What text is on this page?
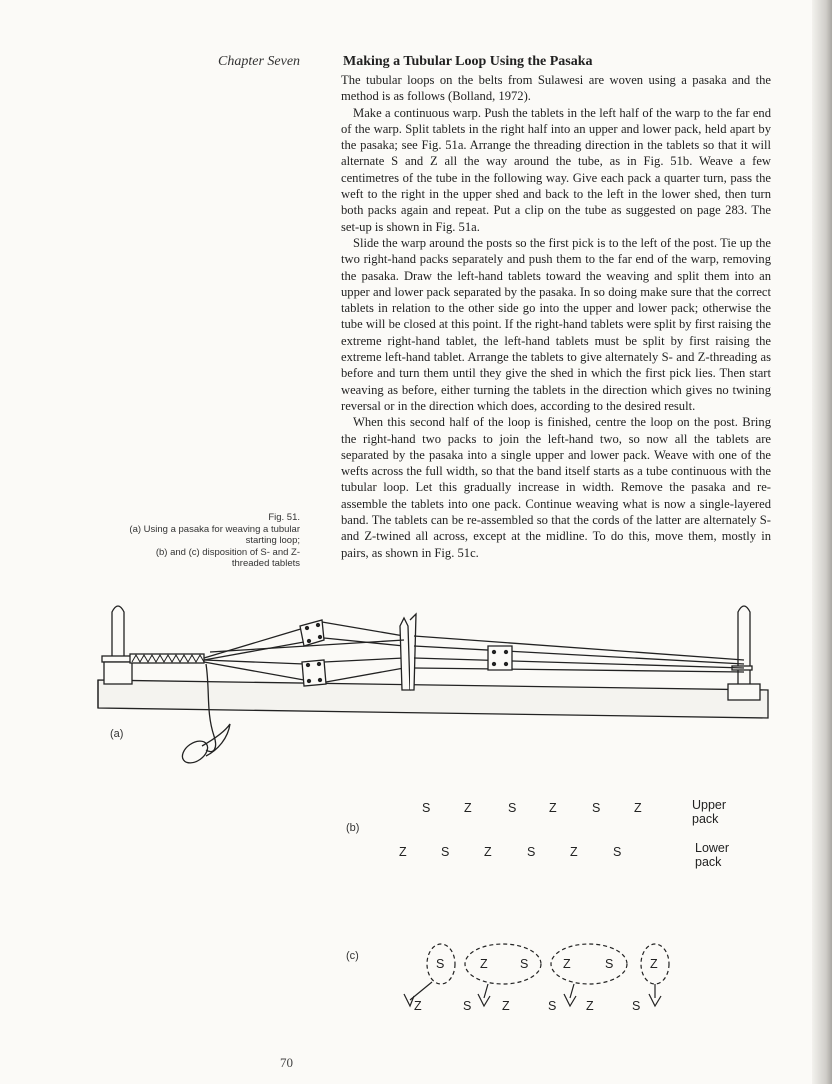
Chapter Seven	Making a Tubular Loop Using the Pasaka

The tubular loops on the belts from Sulawesi are woven using a pasaka and the method is as follows (Bolland, 1972).

Make a continuous warp. Push the tablets in the left half of the warp to the far end of the warp. Split tablets in the right half into an upper and lower pack, held apart by the pasaka; see Fig. 51a. Arrange the threading direction in the tablets so that it will alternate S and Z all the way around the tube, as in Fig. 51b. Weave a few centimetres of the tube in the following way. Give each pack a quarter turn, pass the weft to the right in the upper shed and back to the left in the lower shed, then turn both packs again and repeat. Put a clip on the tube as suggested on page 283. The set-up is shown in Fig. 51a.

Slide the warp around the posts so the first pick is to the left of the post. Tie up the two right-hand packs separately and push them to the far end of the warp, removing the pasaka. Draw the left-hand tablets toward the weaving and split them into an upper and lower pack separated by the pasaka. In so doing make sure that the correct tablets in relation to the other side go into the upper and lower pack; otherwise the tube will be closed at this point. If the right-hand tablets were split by first raising the extreme right-hand tablet, the left-hand tablets must be split by first raising the extreme left-hand tablet. Arrange the tablets to give alternately S- and Z-threading as before and turn them until they give the shed in which the first pick lies. Then start weaving as before, either turning the tablets in the direction which gives no twining reversal or in the direction which does, according to the desired result.

When this second half of the loop is finished, centre the loop on the post. Bring the right-hand two packs to join the left-hand two, so now all the tablets are separated by the pasaka into a single upper and lower pack. Weave with one of the wefts across the full width, so that the band itself starts as a tube continuous with the tubular loop. Let this gradually increase in width. Remove the pasaka and re-assemble the tablets into one pack. Continue weaving what is now a single-layered band. The tablets can be re-assembled so that the cords of the latter are alternately S- and Z-twined all across, except at the midline. To do this, move them, mostly in pairs, as shown in Fig. 51c.

Fig. 51.
(a) Using a pasaka for weaving a tubular
starting loop;
(b) and (c) disposition of S- and Z-
threaded tablets
(a)
(b)
(c)
S	Z	S	Z	S	Z
Z	S	Z	S	Z	S
Upper
pack
Lower
pack
S	Z	S	Z	S	Z
Z	S Z	S Z	S
70
